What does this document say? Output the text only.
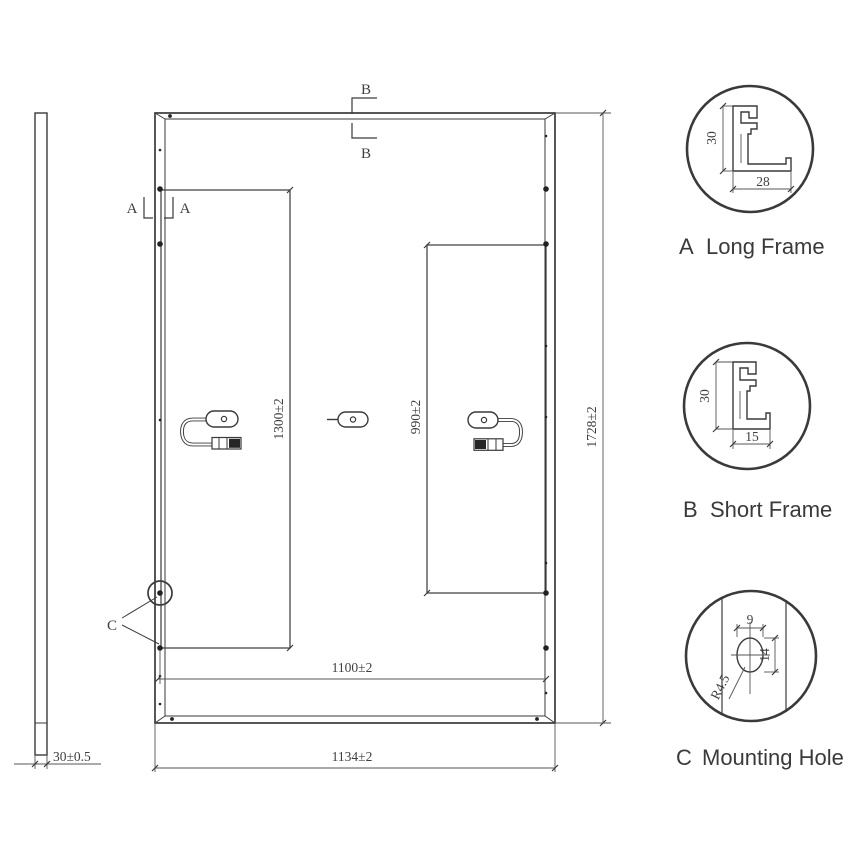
30±0.5
B
B
A	A
C
1300±2	990±2	1728±2
1100±2
1134±2
30
28
A Long Frame
30
15
B Short Frame
9
14
R4.5
C Mounting Hole
